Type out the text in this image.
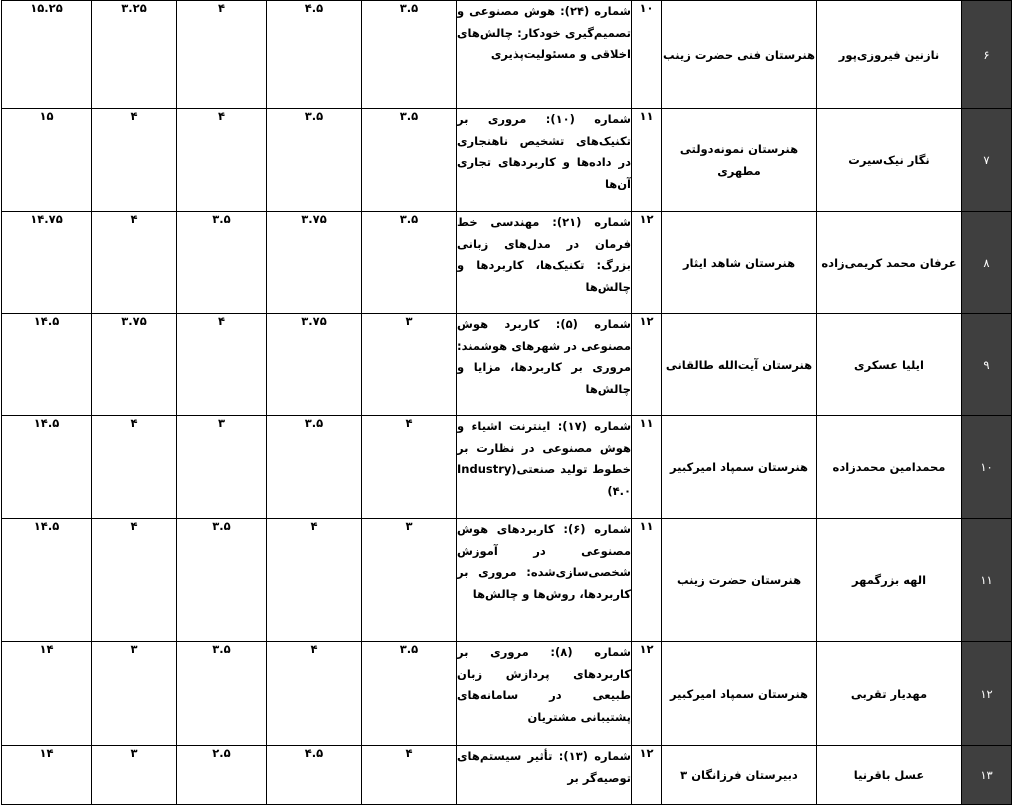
۶	نازنین فیروزی‌پور	هنرستان فنی حضرت زینب	۱۰	شماره (۲۴): هوش مصنوعی و تصمیم‌گیری خودکار: چالش‌های اخلاقی و مسئولیت‌پذیری	۳.۵	۴.۵	۴	۳.۲۵	۱۵.۲۵
۷	نگار نیک‌سیرت	هنرستان نمونه‌دولتی مطهری	۱۱	شماره (۱۰): مروری بر تکنیک‌های تشخیص ناهنجاری در داده‌ها و کاربردهای تجاری آن‌ها	۳.۵	۳.۵	۴	۴	۱۵
۸	عرفان محمد کریمی‌زاده	هنرستان شاهد ایثار	۱۲	شماره (۲۱): مهندسی خط فرمان در مدل‌های زبانی بزرگ: تکنیک‌ها، کاربردها و چالش‌ها	۳.۵	۳.۷۵	۳.۵	۴	۱۴.۷۵
۹	ایلیا عسکری	هنرستان آیت‌الله طالقانی	۱۲	شماره (۵): کاربرد هوش مصنوعی در شهرهای هوشمند: مروری بر کاربردها، مزایا و چالش‌ها	۳	۳.۷۵	۴	۳.۷۵	۱۴.۵
۱۰	محمدامین محمدزاده	هنرستان سمپاد امیرکبیر	۱۱	شماره (۱۷): اینترنت اشیاء و هوش مصنوعی در نظارت بر خطوط تولید صنعتی(Industry ۴.۰)	۴	۳.۵	۳	۴	۱۴.۵
۱۱	الهه بزرگمهر	هنرستان حضرت زینب	۱۱	شماره (۶): کاربردهای هوش مصنوعی در آموزش شخصی‌سازی‌شده: مروری بر کاربردها، روش‌ها و چالش‌ها	۳	۴	۳.۵	۴	۱۴.۵
۱۲	مهدیار تقربی	هنرستان سمپاد امیرکبیر	۱۲	شماره (۸): مروری بر کاربردهای پردازش زبان طبیعی در سامانه‌های پشتیبانی مشتریان	۳.۵	۴	۳.۵	۳	۱۴
۱۳	عسل باقرنیا	دبیرستان فرزانگان ۳	۱۲	شماره (۱۳): تأثیر سیستم‌های توصیه‌گر بر	۴	۴.۵	۲.۵	۳	۱۴
